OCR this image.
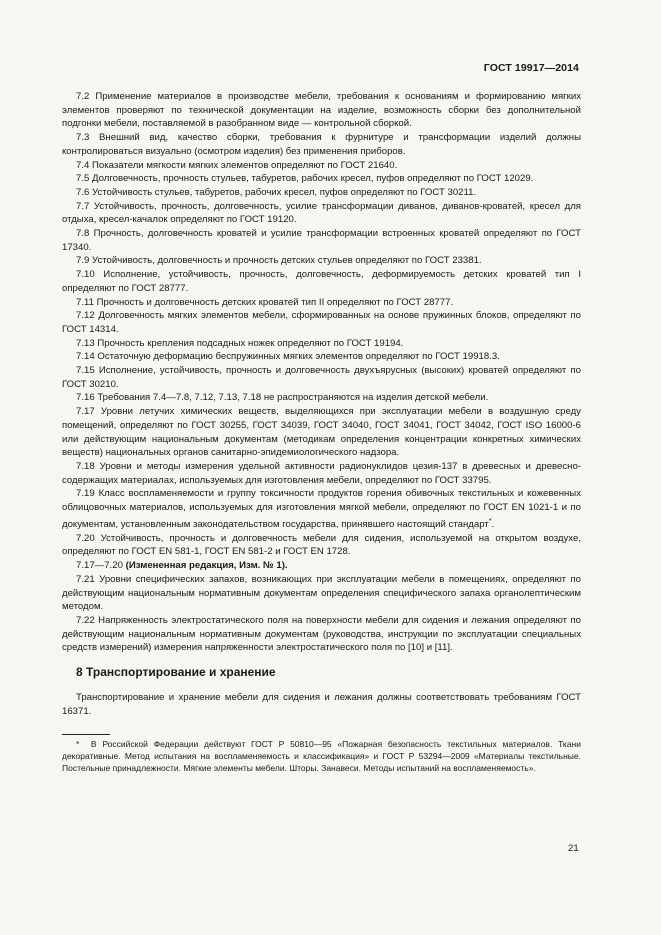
ГОСТ 19917—2014

7.2 Применение материалов в производстве мебели, требования к основаниям и формированию мягких элементов проверяют по технической документации на изделие, возможность сборки без дополнительной подгонки мебели, поставляемой в разобранном виде — контрольной сборкой.

7.3 Внешний вид, качество сборки, требования к фурнитуре и трансформации изделий должны контролироваться визуально (осмотром изделия) без применения приборов.

7.4 Показатели мягкости мягких элементов определяют по ГОСТ 21640.

7.5 Долговечность, прочность стульев, табуретов, рабочих кресел, пуфов определяют по ГОСТ 12029.

7.6 Устойчивость стульев, табуретов, рабочих кресел, пуфов определяют по ГОСТ 30211.

7.7 Устойчивость, прочность, долговечность, усилие трансформации диванов, диванов-кроватей, кресел для отдыха, кресел-качалок определяют по ГОСТ 19120.

7.8 Прочность, долговечность кроватей и усилие трансформации встроенных кроватей определяют по ГОСТ 17340.

7.9 Устойчивость, долговечность и прочность детских стульев определяют по ГОСТ 23381.

7.10 Исполнение, устойчивость, прочность, долговечность, деформируемость детских кроватей тип I определяют по ГОСТ 28777.

7.11 Прочность и долговечность детских кроватей тип II определяют по ГОСТ 28777.

7.12 Долговечность мягких элементов мебели, сформированных на основе пружинных блоков, определяют по ГОСТ 14314.

7.13 Прочность крепления подсадных ножек определяют по ГОСТ 19194.

7.14 Остаточную деформацию беспружинных мягких элементов определяют по ГОСТ 19918.3.

7.15 Исполнение, устойчивость, прочность и долговечность двухъярусных (высоких) кроватей определяют по ГОСТ 30210.

7.16 Требования 7.4—7.8, 7.12, 7.13, 7.18 не распространяются на изделия детской мебели.

7.17 Уровни летучих химических веществ, выделяющихся при эксплуатации мебели в воздушную среду помещений, определяют по ГОСТ 30255, ГОСТ 34039, ГОСТ 34040, ГОСТ 34041, ГОСТ 34042, ГОСТ ISO 16000-6 или действующим национальным документам (методикам определения концентрации конкретных химических веществ) национальных органов санитарно-эпидемиологического надзора.

7.18 Уровни и методы измерения удельной активности радионуклидов цезия-137 в древесных и древесно-содержащих материалах, используемых для изготовления мебели, определяют по ГОСТ 33795.

7.19 Класс воспламеняемости и группу токсичности продуктов горения обивочных текстильных и кожевенных облицовочных материалов, используемых для изготовления мягкой мебели, определяют по ГОСТ EN 1021-1 и по документам, установленным законодательством государства, принявшего настоящий стандарт*.

7.20 Устойчивость, прочность и долговечность мебели для сидения, используемой на открытом воздухе, определяют по ГОСТ EN 581-1, ГОСТ EN 581-2 и ГОСТ EN 1728.

7.17—7.20 (Измененная редакция, Изм. № 1).

7.21 Уровни специфических запахов, возникающих при эксплуатации мебели в помещениях, определяют по действующим национальным нормативным документам определения специфического запаха органолептическим методом.

7.22 Напряженность электростатического поля на поверхности мебели для сидения и лежания определяют по действующим национальным нормативным документам (руководства, инструкции по эксплуатации специальных средств измерений) измерения напряженности электростатического поля по [10] и [11].

8 Транспортирование и хранение

Транспортирование и хранение мебели для сидения и лежания должны соответствовать требованиям ГОСТ 16371.

* В Российской Федерации действуют ГОСТ Р 50810—95 «Пожарная безопасность текстильных материалов. Ткани декоративные. Метод испытания на воспламеняемость и классификация» и ГОСТ Р 53294—2009 «Материалы текстильные. Постельные принадлежности. Мягкие элементы мебели. Шторы. Занавеси. Методы испытаний на воспламеняемость».

21
